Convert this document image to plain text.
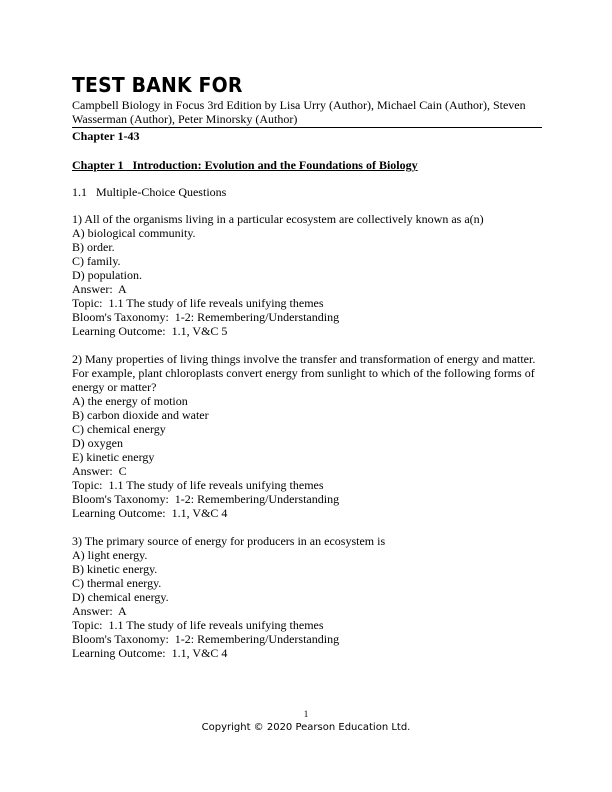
TEST BANK FOR
Campbell Biology in Focus 3rd Edition by Lisa Urry (Author), Michael Cain (Author), Steven Wasserman (Author), Peter Minorsky (Author)
Chapter 1-43
Chapter 1   Introduction: Evolution and the Foundations of Biology
1.1   Multiple-Choice Questions
1) All of the organisms living in a particular ecosystem are collectively known as a(n)
A) biological community.
B) order.
C) family.
D) population.
Answer:  A
Topic:  1.1 The study of life reveals unifying themes
Bloom's Taxonomy:  1-2: Remembering/Understanding
Learning Outcome:  1.1, V&C 5
2) Many properties of living things involve the transfer and transformation of energy and matter. For example, plant chloroplasts convert energy from sunlight to which of the following forms of energy or matter?
A) the energy of motion
B) carbon dioxide and water
C) chemical energy
D) oxygen
E) kinetic energy
Answer:  C
Topic:  1.1 The study of life reveals unifying themes
Bloom's Taxonomy:  1-2: Remembering/Understanding
Learning Outcome:  1.1, V&C 4
3) The primary source of energy for producers in an ecosystem is
A) light energy.
B) kinetic energy.
C) thermal energy.
D) chemical energy.
Answer:  A
Topic:  1.1 The study of life reveals unifying themes
Bloom's Taxonomy:  1-2: Remembering/Understanding
Learning Outcome:  1.1, V&C 4
1
Copyright © 2020 Pearson Education Ltd.
